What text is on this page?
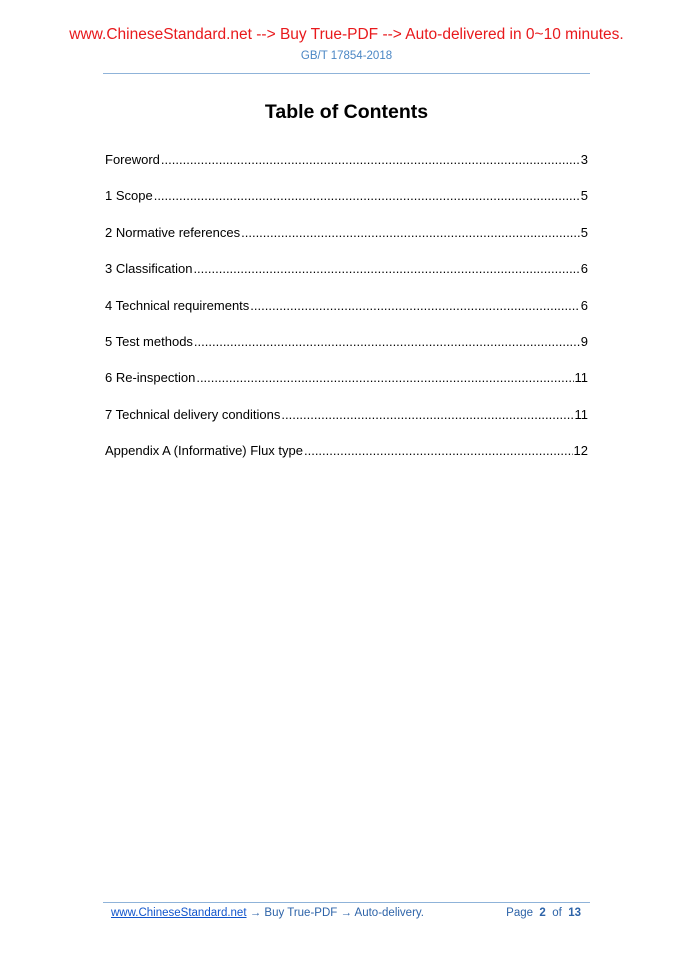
www.ChineseStandard.net --> Buy True-PDF --> Auto-delivered in 0~10 minutes.
GB/T 17854-2018
Table of Contents
Foreword .....	3
1 Scope .....	5
2 Normative references .....	5
3 Classification .....	6
4 Technical requirements .....	6
5 Test methods .....	9
6 Re-inspection .....	11
7 Technical delivery conditions .....	11
Appendix A (Informative) Flux type .....	12
www.ChineseStandard.net → Buy True-PDF → Auto-delivery.	Page 2 of 13
